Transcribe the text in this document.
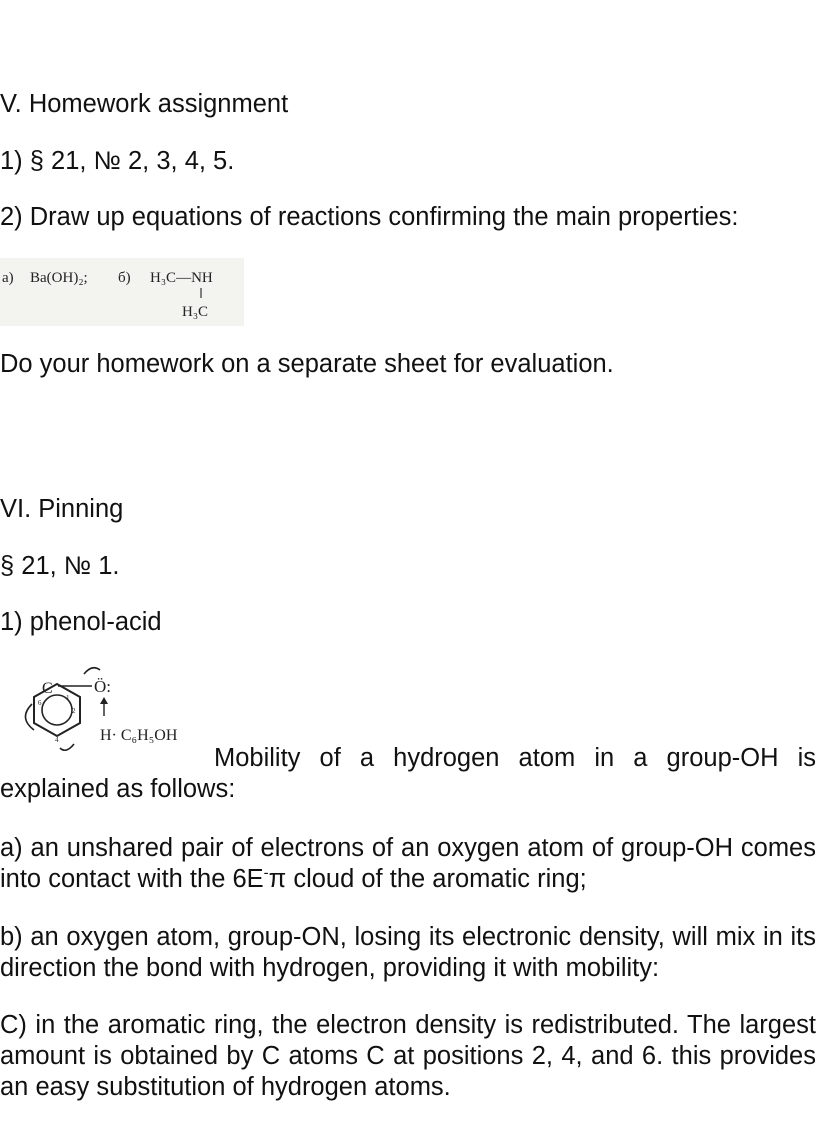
V. Homework assignment
1) § 21, № 2, 3, 4, 5.
2) Draw up equations of reactions confirming the main properties:
a) Ba(OH)₂; б) H₃C—NH
H₃C
Do your homework on a separate sheet for evaluation.
VI. Pinning
§ 21, № 1.
1) phenol-acid
C Ö:
H· C₆H₅OH
1
2
4
6
Mobility of a hydrogen atom in a group-OH is
explained as follows:
a) an unshared pair of electrons of an oxygen atom of group-OH comes into contact with the 6E-π cloud of the aromatic ring;
b) an oxygen atom, group-ON, losing its electronic density, will mix in its direction the bond with hydrogen, providing it with mobility:
C) in the aromatic ring, the electron density is redistributed. The largest amount is obtained by C atoms C at positions 2, 4, and 6. this provides an easy substitution of hydrogen atoms.
